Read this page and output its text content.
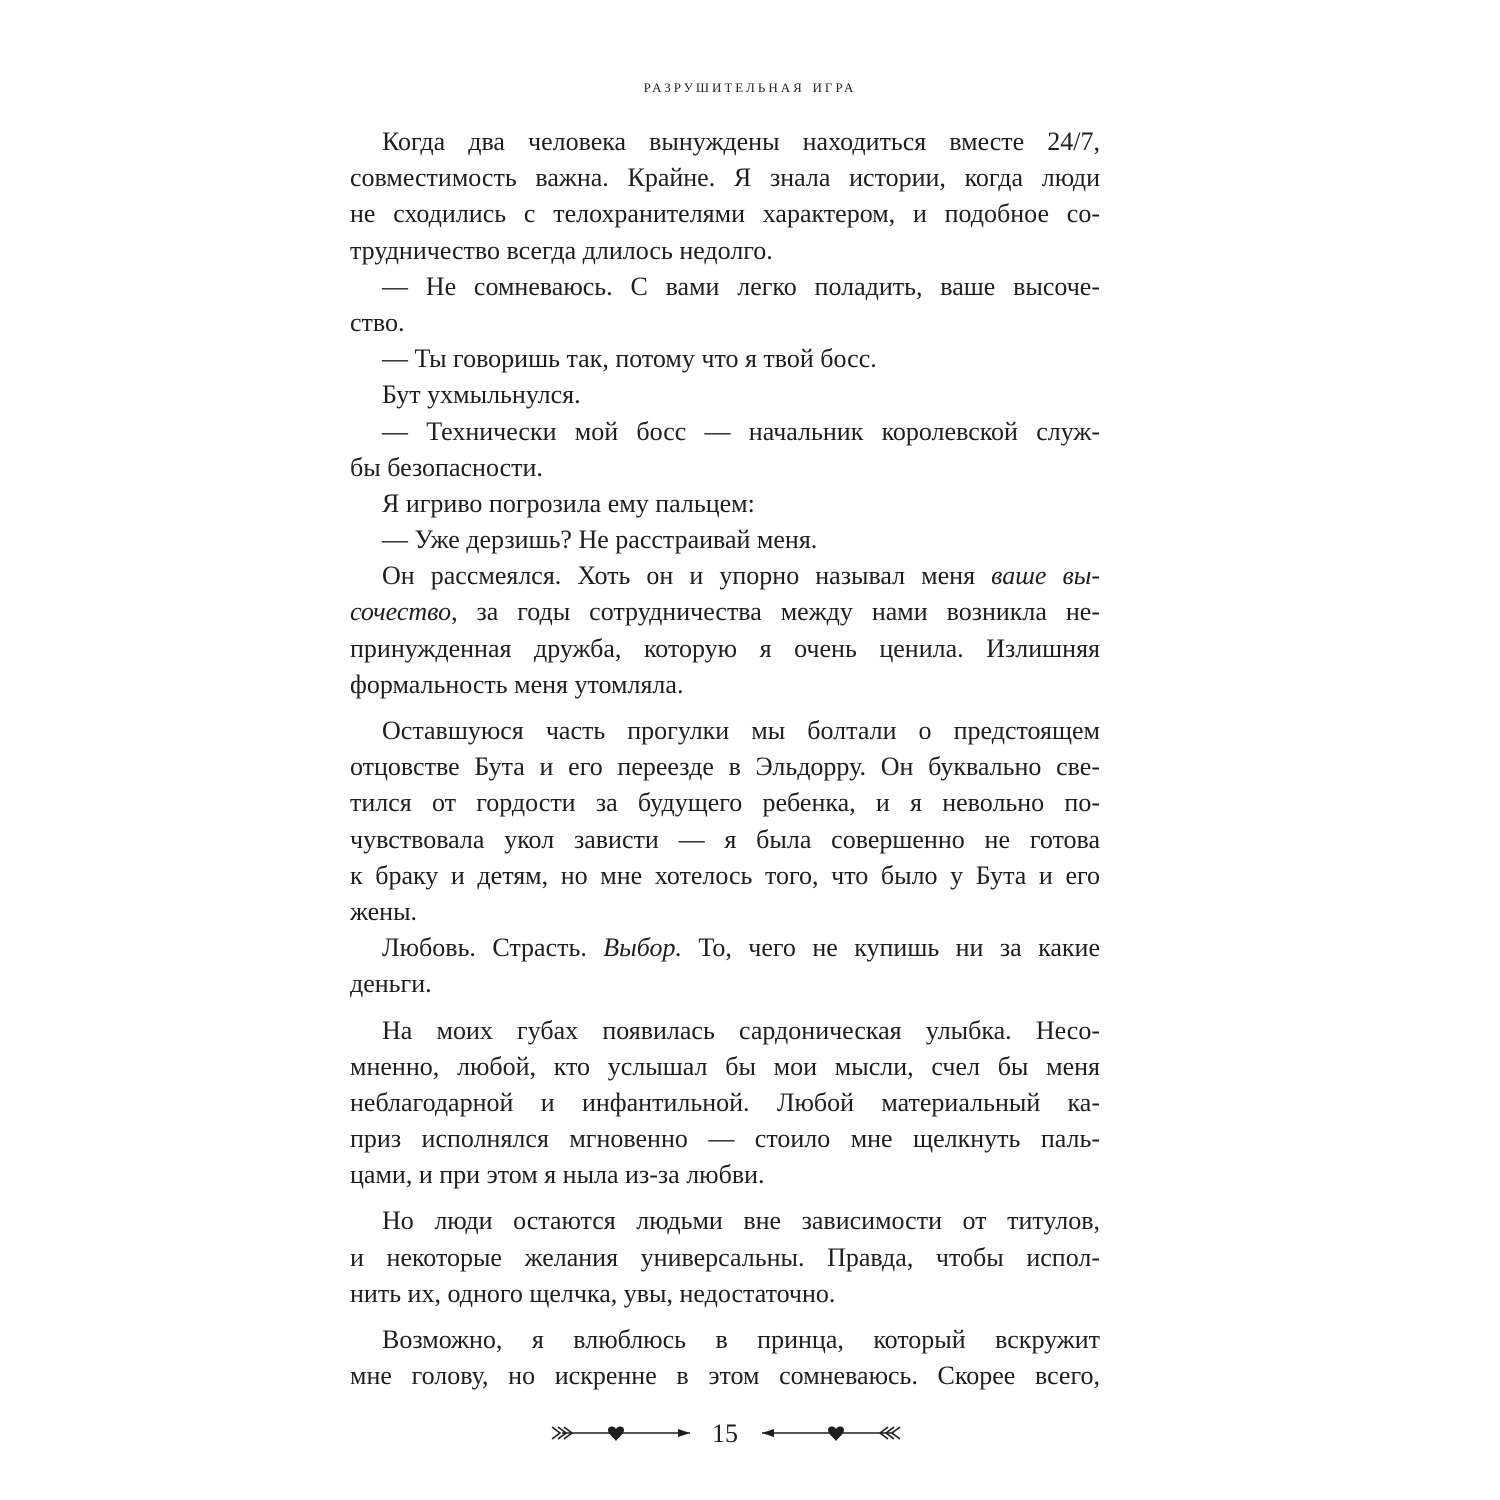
разрушительная игра
Когда два человека вынуждены находиться вместе 24/7,
совместимость важна. Крайне. Я знала истории, когда люди
не сходились с телохранителями характером, и подобное со-
трудничество всегда длилось недолго.
— Не сомневаюсь. С вами легко поладить, ваше высоче-
ство.
— Ты говоришь так, потому что я твой босс.
Бут ухмыльнулся.
— Технически мой босс — начальник королевской служ-
бы безопасности.
Я игриво погрозила ему пальцем:
— Уже дерзишь? Не расстраивай меня.
Он рассмеялся. Хоть он и упорно называл меня ваше вы-
сочество, за годы сотрудничества между нами возникла не-
принужденная дружба, которую я очень ценила. Излишняя
формальность меня утомляла.
Оставшуюся часть прогулки мы болтали о предстоящем
отцовстве Бута и его переезде в Эльдорру. Он буквально све-
тился от гордости за будущего ребенка, и я невольно по-
чувствовала укол зависти — я была совершенно не готова
к браку и детям, но мне хотелось того, что было у Бута и его
жены.
Любовь. Страсть. Выбор. То, чего не купишь ни за какие
деньги.
На моих губах появилась сардоническая улыбка. Несо-
мненно, любой, кто услышал бы мои мысли, счел бы меня
неблагодарной и инфантильной. Любой материальный ка-
приз исполнялся мгновенно — стоило мне щелкнуть паль-
цами, и при этом я ныла из-за любви.
Но люди остаются людьми вне зависимости от титулов,
и некоторые желания универсальны. Правда, чтобы испол-
нить их, одного щелчка, увы, недостаточно.
Возможно, я влюблюсь в принца, который вскружит
мне голову, но искренне в этом сомневаюсь. Скорее всего,
15
